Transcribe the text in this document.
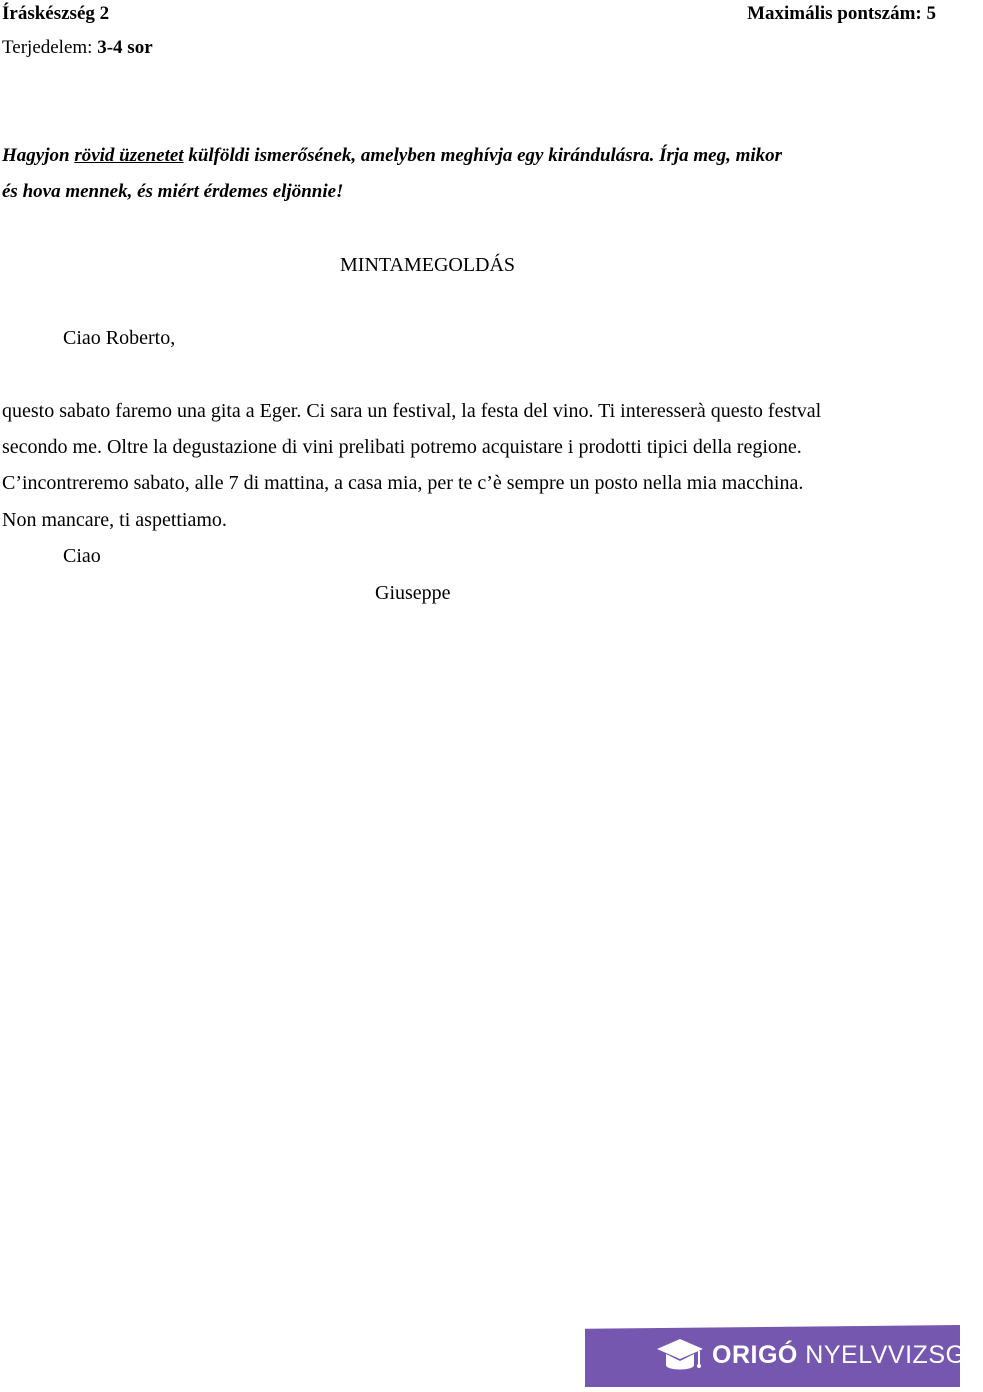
Íráskészség 2	Maximális pontszám: 5
Terjedelem: 3-4 sor
Hagyjon rövid üzenetet külföldi ismerősének, amelyben meghívja egy kirándulásra. Írja meg, mikor
és hova mennek, és miért érdemes eljönnie!
MINTAMEGOLDÁS
Ciao Roberto,
questo sabato faremo una gita a Eger. Ci sara un festival, la festa del vino. Ti interesserà questo festval
secondo me. Oltre la degustazione di vini prelibati potremo acquistare i prodotti tipici della regione.
C’incontreremo sabato, alle 7 di mattina, a casa mia, per te c’è sempre un posto nella mia macchina.
Non mancare, ti aspettiamo.
Ciao
Giuseppe
ORIGÓ NYELVVIZSGA
